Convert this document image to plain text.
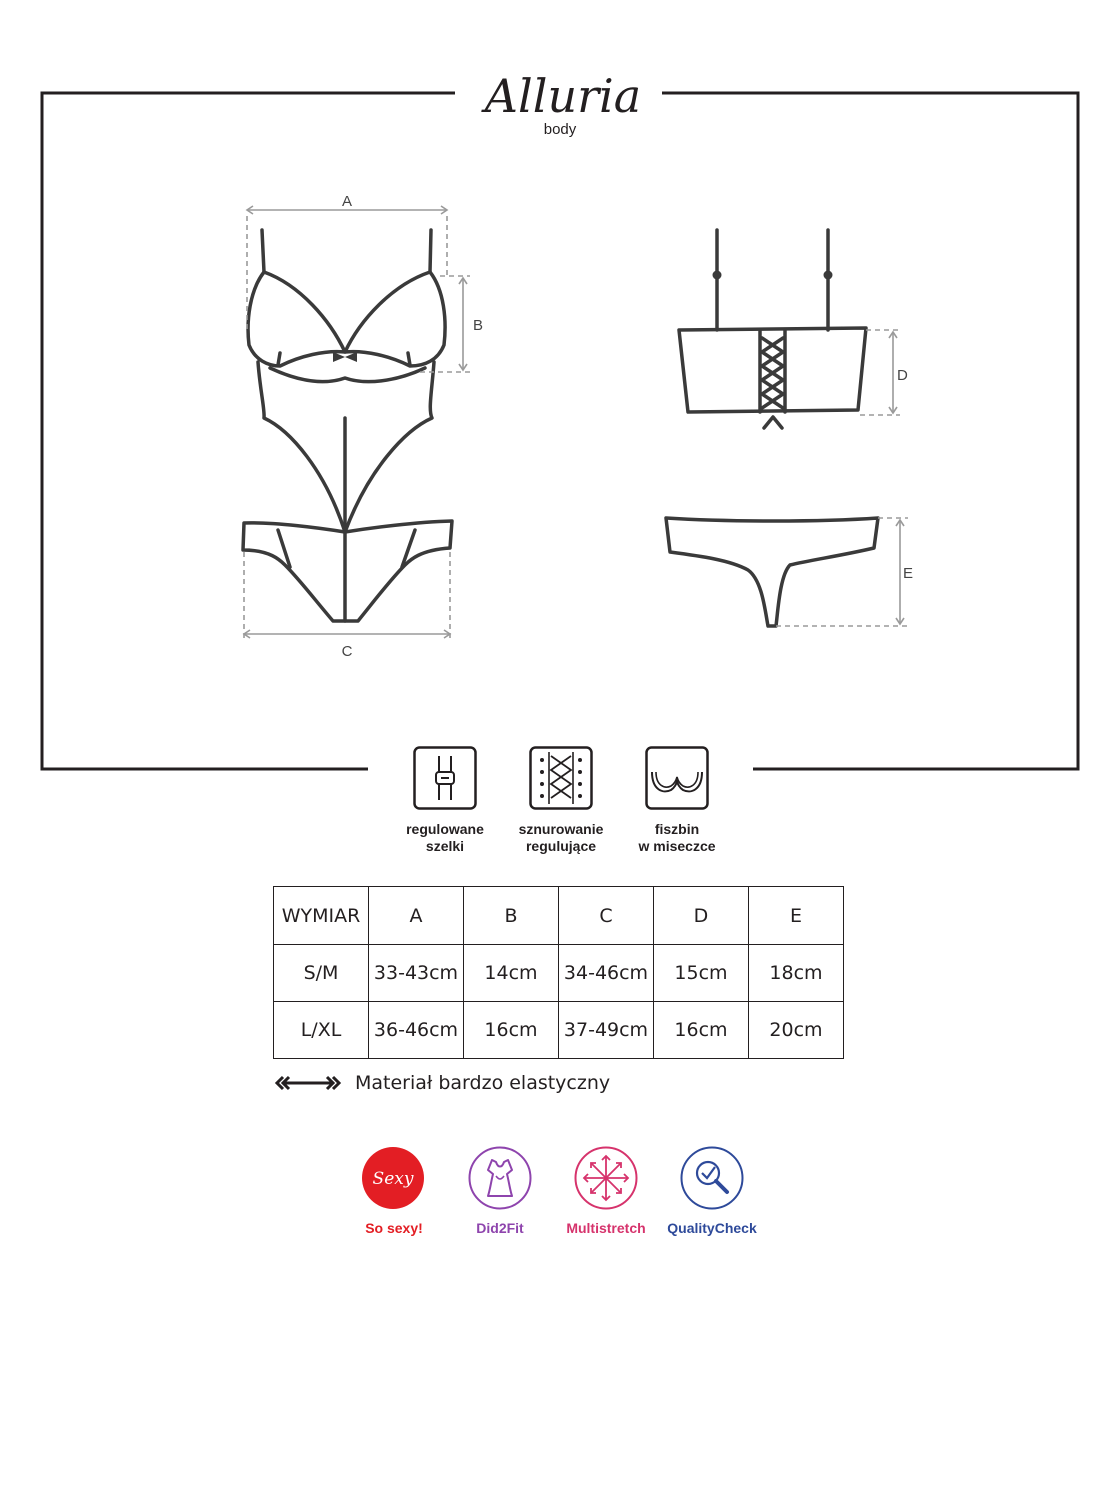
Alluria
body
A
B
C
D
E
regulowane
szelki
sznurowanie
regulujące
fiszbin
w miseczce
WYMIAR	A	B	C	D	E
S/M	33-43cm	14cm	34-46cm	15cm	18cm
L/XL	36-46cm	16cm	37-49cm	16cm	20cm
Materiał bardzo elastyczny
Sexy
So sexy!	Did2Fit	Multistretch	QualityCheck
